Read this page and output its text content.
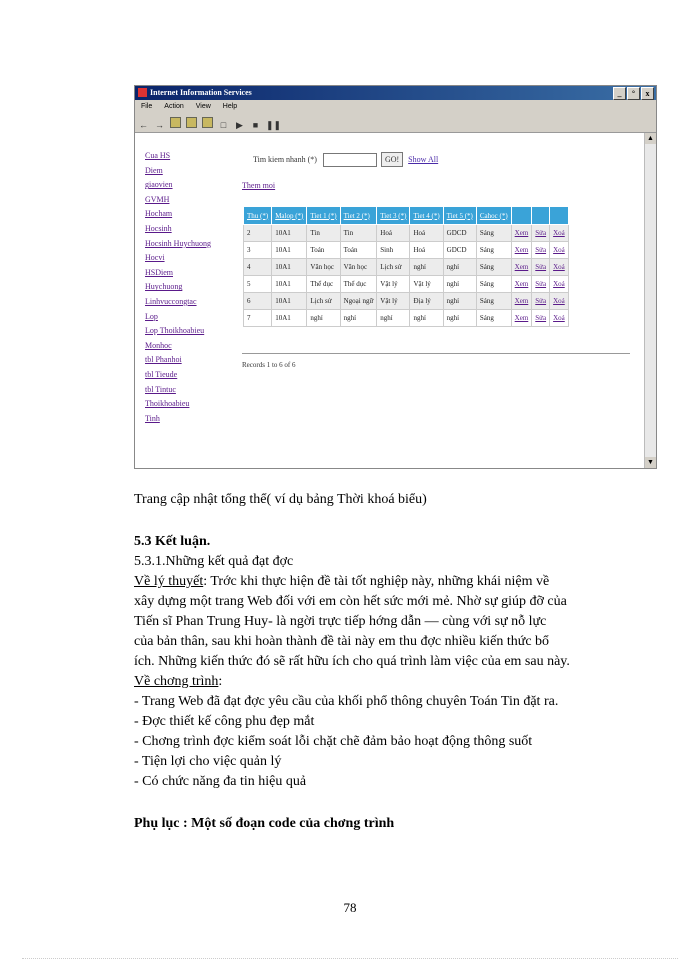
Internet Information Services	_ ° x
File Action View Help
← →	□ ▶ ■ ❚❚
Cua HS
Diem
giaovien
GVMH
Hocham
Hocsinh
Hocsinh Huychuong
Hocvi
HSDiem
Huychuong
Linhvuccongtac
Lop
Lop Thoikhoabieu
Monhoc
tbl Phanhoi
tbl Tieude
tbl Tintuc
Thoikhoabieu
Tinh
Tim kiem nhanh (*)	GO! Show All
Them moi
Thu (*)	Malop (*)	Tiet 1 (*)	Tiet 2 (*)	Tiet 3 (*)	Tiet 4 (*)	Tiet 5 (*)	Cahoc (*)			
2	10A1	Tin	Tin	Hoá	Hoá	GDCD	Sáng	Xem	Sửa	Xoá
3	10A1	Toán	Toán	Sinh	Hoá	GDCD	Sáng	Xem	Sửa	Xoá
4	10A1	Văn học	Văn học	Lịch sử	nghỉ	nghỉ	Sáng	Xem	Sửa	Xoá
5	10A1	Thể dục	Thể dục	Vật lý	Vật lý	nghỉ	Sáng	Xem	Sửa	Xoá
6	10A1	Lịch sử	Ngoại ngữ	Vật lý	Địa lý	nghỉ	Sáng	Xem	Sửa	Xoá
7	10A1	nghỉ	nghỉ	nghỉ	nghỉ	nghỉ	Sáng	Xem	Sửa	Xoá
Records 1 to 6 of 6
▲
▼
Trang cập nhật tổng thể( ví dụ bảng Thời khoá biểu)
5.3 Kết luận.
5.3.1.Những kết quả đạt đợc
Về lý thuyết: Trớc khi thực hiện đề tài tốt nghiệp này, những khái niệm về
xây dựng một trang Web đối với em còn hết sức mới mẻ. Nhờ sự giúp đỡ của
Tiến sĩ Phan Trung Huy- là ngời trực tiếp hớng dẫn — cùng với sự nỗ lực
của bản thân, sau khi hoàn thành đề tài này em thu đợc nhiều kiến thức bổ
ích. Những kiến thức đó sẽ rất hữu ích cho quá trình làm việc của em sau này.
Về chơng trình:
- Trang Web đã đạt đợc yêu cầu của khối phổ thông chuyên Toán Tin đặt ra.
- Đợc thiết kế công phu đẹp mắt
- Chơng trình đợc kiểm soát lỗi chặt chẽ đảm bảo hoạt động thông suốt
- Tiện lợi cho việc quản lý
- Có chức năng đa tin hiệu quả
Phụ lục : Một số đoạn code của chơng trình
78
